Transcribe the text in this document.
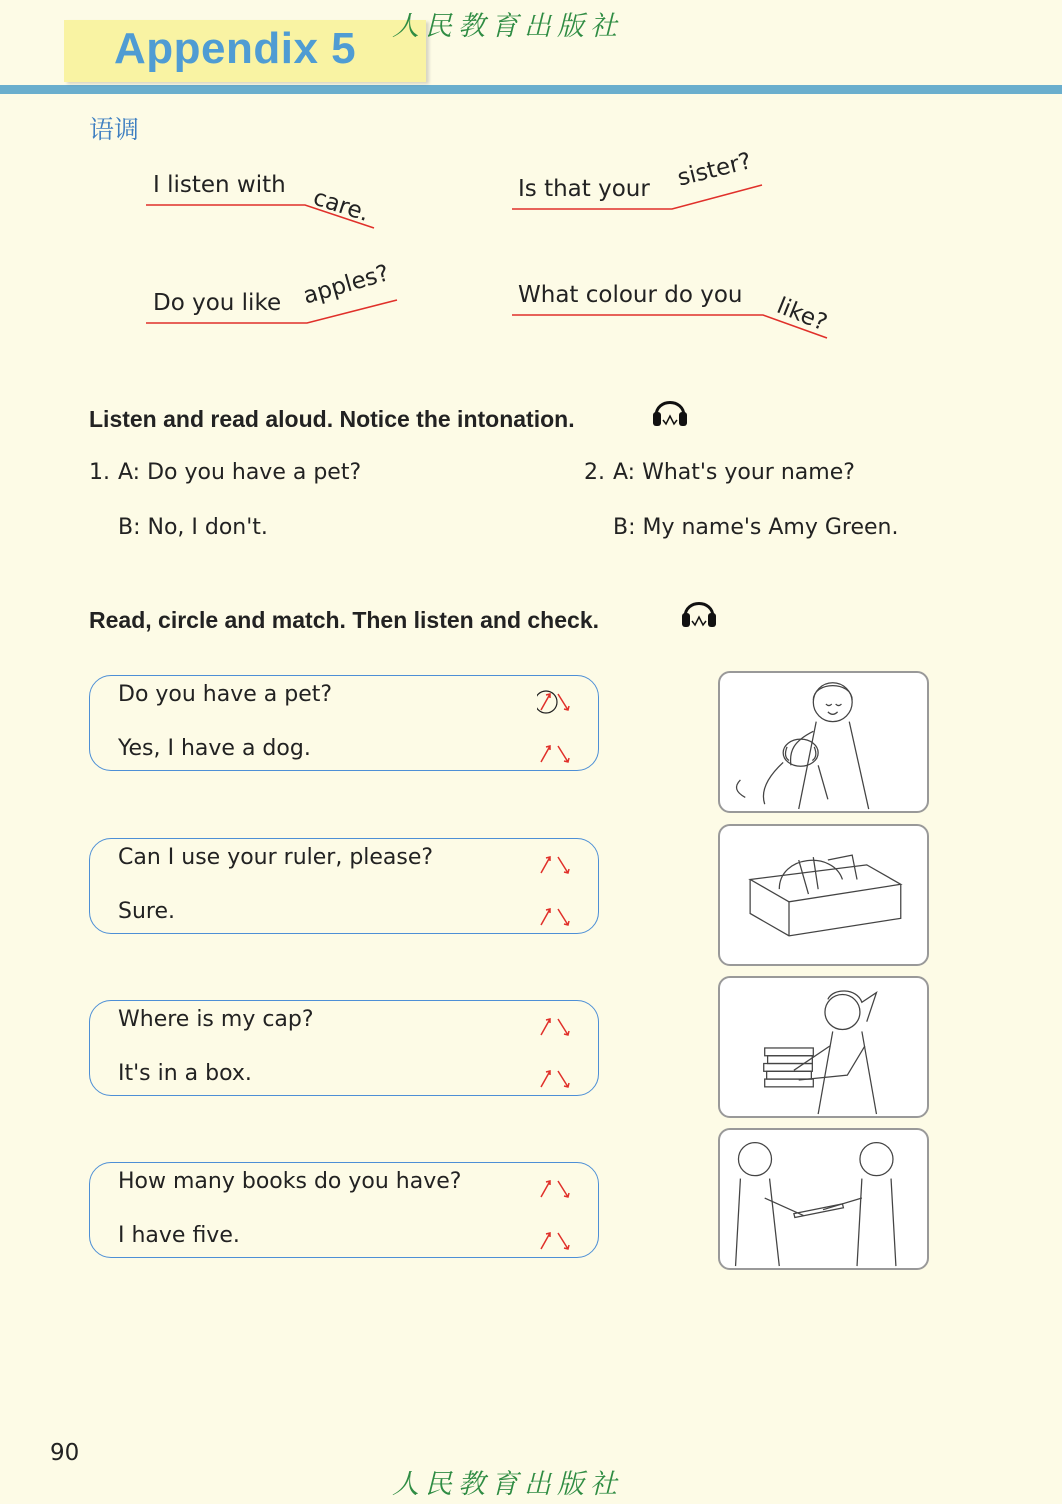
Appendix 5 人民教育出版社
语调
I listen with care.	Is that your sister?
Do you like apples?	What colour do you like?
Listen and read aloud. Notice the intonation.
1. A: Do you have a pet?
B: No, I don't.
2. A: What's your name?
B: My name's Amy Green.
Read, circle and match. Then listen and check.
Do you have a pet?
Yes, I have a dog.
Can I use your ruler, please?
Sure.
Where is my cap?
It's in a box.
How many books do you have?
I have five.
90
人民教育出版社
